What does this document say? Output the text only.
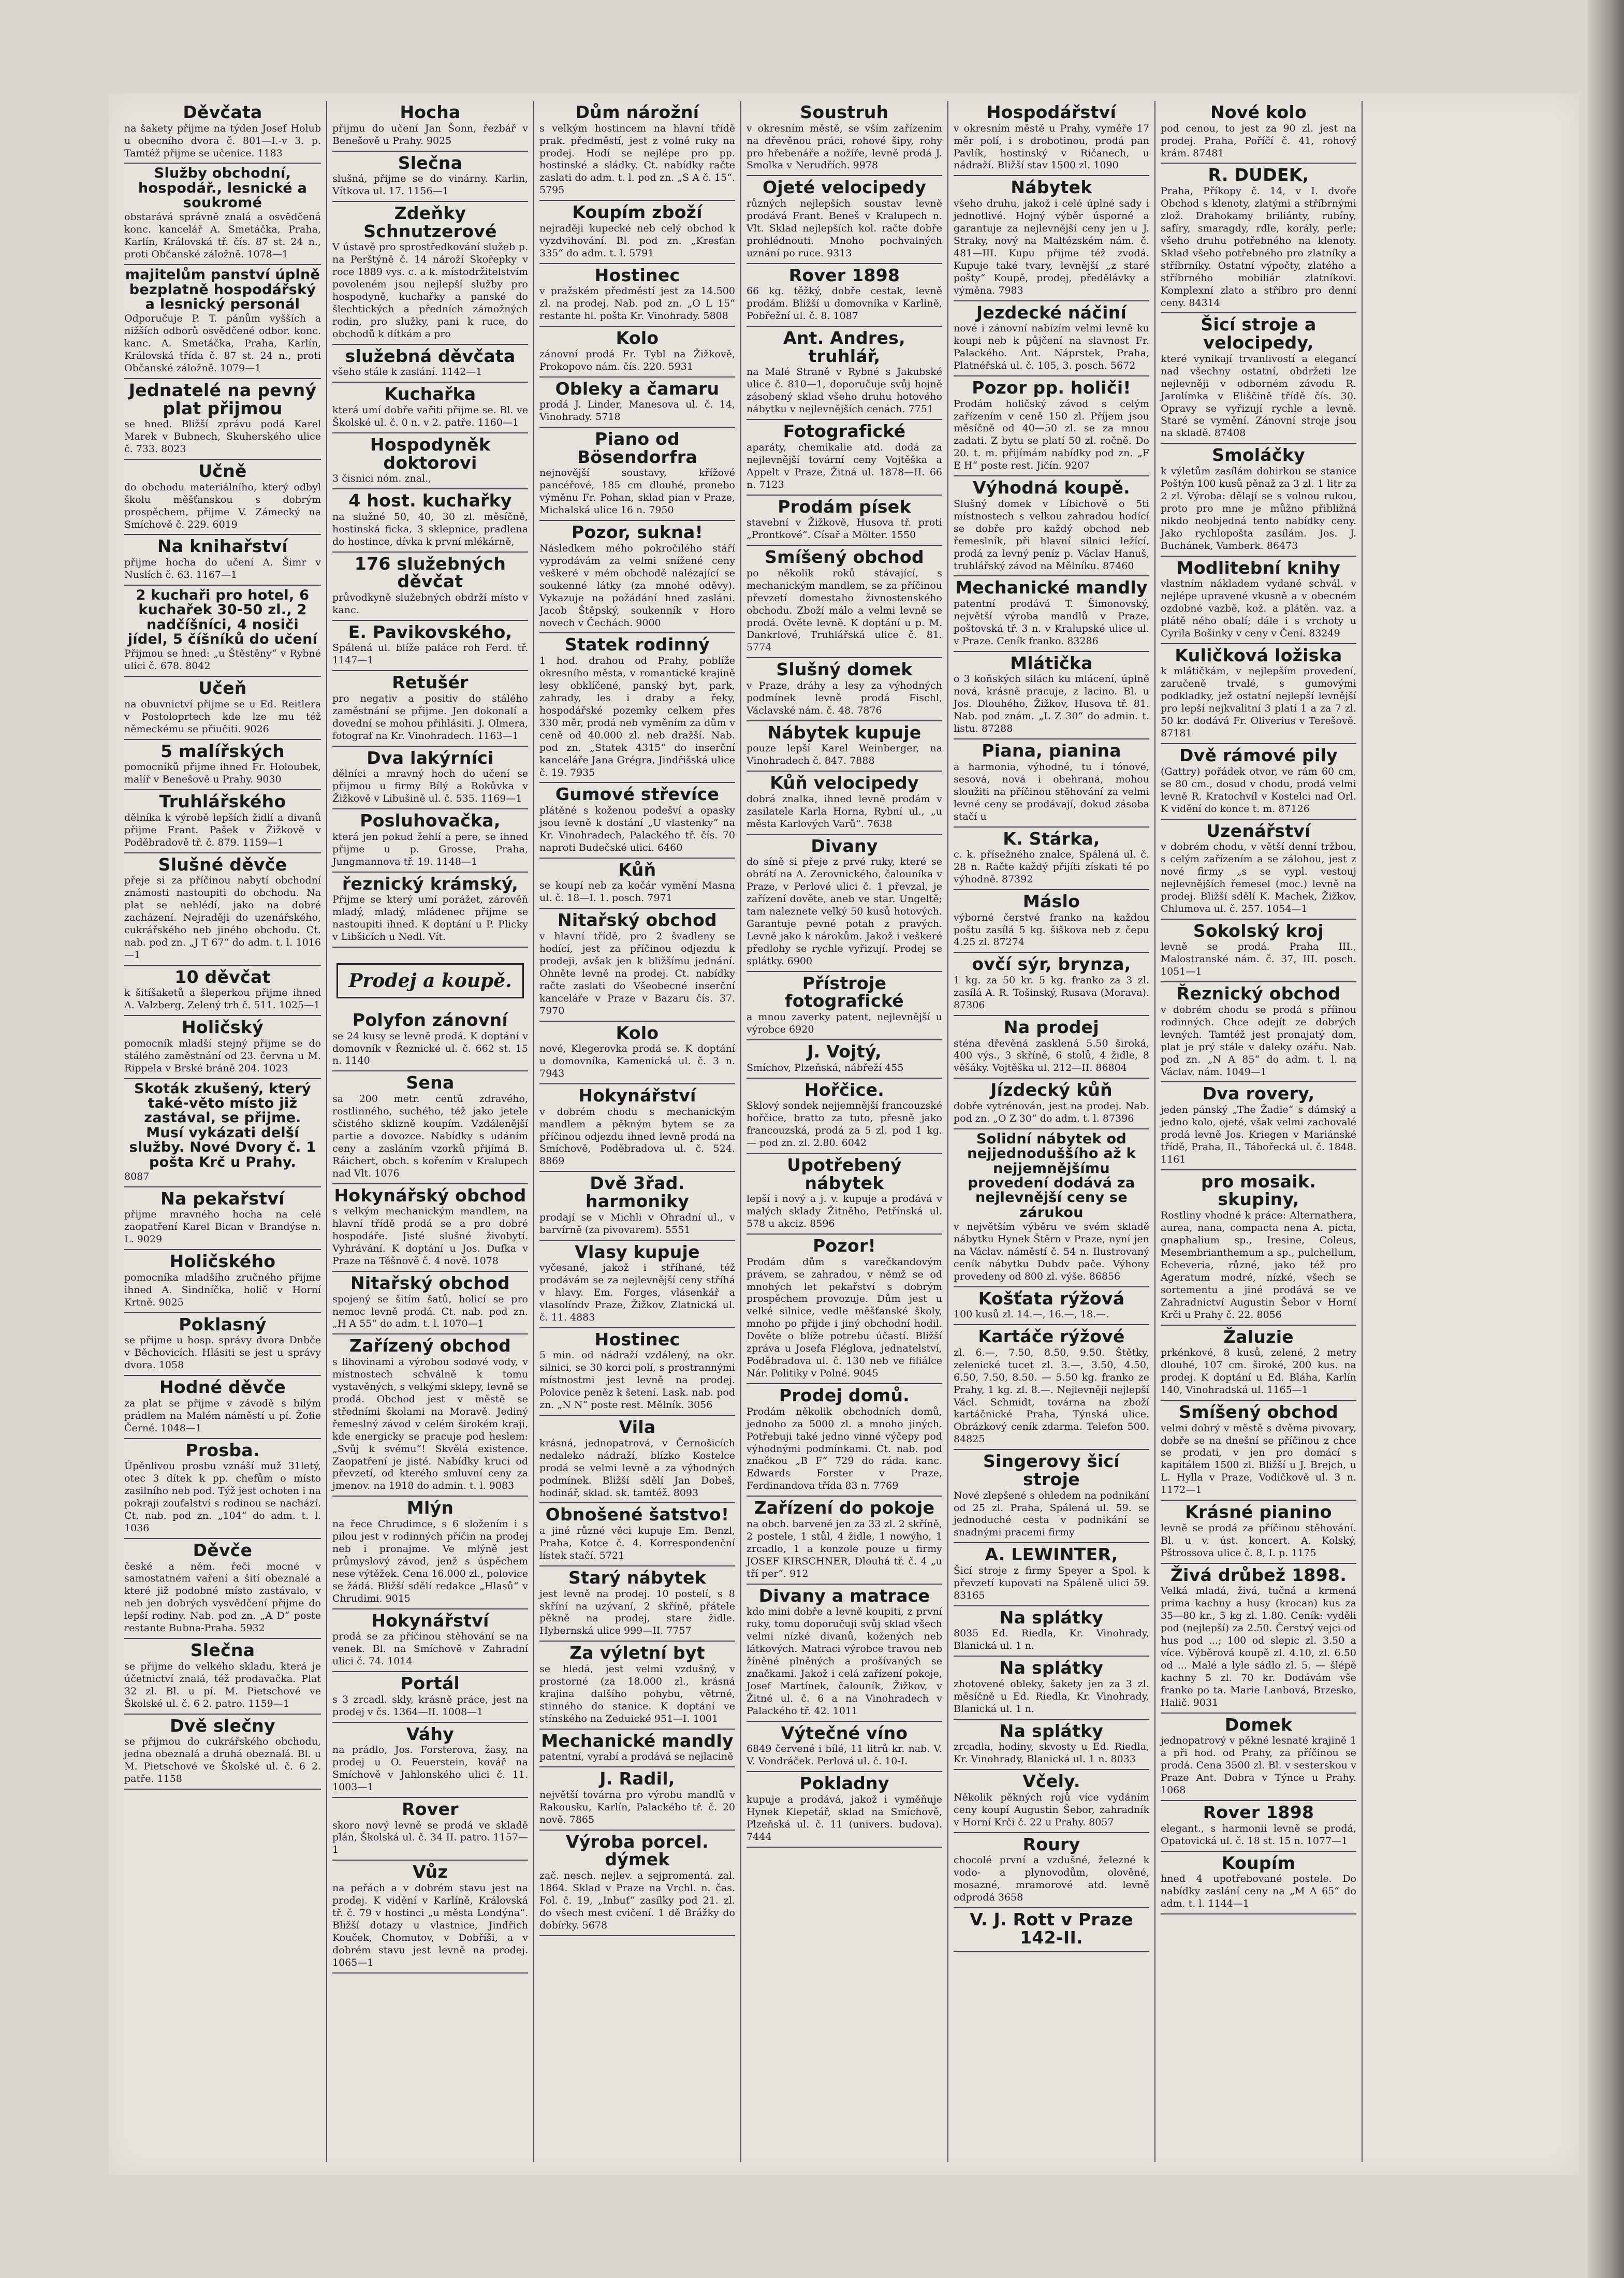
Děvčata
na šakety přijme na týden Josef Holub u obecního dvora č. 801—I.-v 3. p. Tamtéž přijme se učenice. 1183
Služby obchodní, hospodář., lesnické a soukromé
obstarává správně znalá a osvědčená konc. kancelář A. Smetáčka, Praha, Karlín, Královská tř. čís. 87 st. 24 n., proti Občanské záložně. 1078—1
majitelům panství úplně bezplatně hospodářský a lesnický personál
Odporučuje P. T. pánům vyšších a nižších odborů osvědčené odbor. konc. kanc. A. Smetáčka, Praha, Karlín, Královská třída č. 87 st. 24 n., proti Občanské záložně. 1079—1
Jednatelé na pevný plat přijmou
se hned. Bližší zprávu podá Karel Marek v Bubnech, Skuherského ulice č. 733. 8023
Učně
do obchodu materiálního, který odbyl školu měšťanskou s dobrým prospěchem, přijme V. Zámecký na Smíchově č. 229. 6019
Na knihařství
přijme hocha do učení A. Šimr v Nuslích č. 63. 1167—1
2 kuchaři pro hotel, 6 kuchařek 30-50 zl., 2 nadčíšníci, 4 nosiči jídel, 5 číšníků do učení
Přijmou se hned: „u Štěstěny“ v Rybné ulici č. 678. 8042
Učeň
na obuvnictví přijme se u Ed. Reitlera v Postoloprtech kde lze mu též německému se přiučiti. 9026
5 malířských
pomocníků přijme ihned Fr. Holoubek, malíř v Benešově u Prahy. 9030
Truhlářského
dělníka k výrobě lepších židlí a divanů přijme Frant. Pašek v Žižkově v Poděbradově tř. č. 879. 1159—1
Slušné děvče
přeje si za příčinou nabytí obchodní známosti nastoupiti do obchodu. Na plat se nehlédí, jako na dobré zacházení. Nejraději do uzenářského, cukrářského neb jiného obchodu. Ct. nab. pod zn. „J T 67“ do adm. t. l. 1016—1
10 děvčat
k šitíšaketů a šleperkou přijme ihned A. Valzberg, Zelený trh č. 511. 1025—1
Holičský
pomocník mladší stejný přijme se do stálého zaměstnání od 23. června u M. Rippela v Brské bráně 204. 1023
Skoták zkušený, který také-věto místo již zastával, se přijme. Musí vykázati delší služby. Nové Dvory č. 1 pošta Krč u Prahy.
8087
Na pekařství
přijme mravného hocha na celé zaopatření Karel Bican v Brandýse n. L. 9029
Holičského
pomocníka mladšího zručného přijme ihned A. Sindníčka, holič v Horní Krtně. 9025
Poklasný
se přijme u hosp. správy dvora Dnbče v Běchovicích. Hlásiti se jest u správy dvora. 1058
Hodné děvče
za plat se přijme v závodě s bílým prádlem na Malém náměstí u pí. Žofie Černé. 1048—1
Prosba.
Úpěnlivou prosbu vznáší muž 31letý, otec 3 dítek k pp. chefům o místo zasilního neb pod. Týž jest ochoten i na pokraji zoufalství s rodinou se nachází. Ct. nab. pod zn. „104“ do adm. t. l. 1036
Děvče
české a něm. řeči mocné v samostatném vaření a šití obeznalé a které již podobné místo zastávalo, v neb jen dobrých vysvědčení přijme do lepší rodiny. Nab. pod zn. „A D“ poste restante Bubna-Praha. 5932
Slečna
se přijme do velkého skladu, která je účetnictví znalá, též prodavačka. Plat 32 zl. Bl. u pí. M. Pietschové ve Školské ul. č. 6 2. patro. 1159—1
Dvě slečny
se přijmou do cukrářského obchodu, jedna obeznalá a druhá obeznalá. Bl. u M. Pietschové ve Školské ul. č. 6 2. patře. 1158
Hocha
přijmu do učení Jan Šonn, řezbář v Benešově u Prahy. 9025
Slečna
slušná, přijme se do vinárny. Karlin, Vítkova ul. 17. 1156—1
Zdeňky Schnutzerové
V ústavě pro sprostředkování služeb p. na Perštýně č. 14 nároží Skořepky v roce 1889 vys. c. a k. místodržitelstvím povoleném jsou nejlepší služby pro hospodyně, kuchařky a panské do šlechtických a předních zámožných rodin, pro služky, pani k ruce, do obchodů k dítkám a pro
služebná děvčata
všeho stále k zaslání. 1142—1
Kuchařka
která umí dobře vařiti přijme se. Bl. ve Školské ul. č. 0 n. v 2. patře. 1160—1
Hospodyněk doktorovi
3 čisnici nóm. znal.,
4 host. kuchařky
na služné 50, 40, 30 zl. měsíčně, hostinská ficka, 3 sklepnice, pradlena do hostince, dívka k první mlékárně,
176 služebných děvčat
průvodkyně služebných obdrží místo v kanc.
E. Pavikovského,
Spálená ul. blíže paláce roh Ferd. tř. 1147—1
Retušér
pro negativ a positiv do stálého zaměstnání se přijme. Jen dokonalí a dovední se mohou přihlásiti. J. Olmera, fotograf na Kr. Vinohradech. 1163—1
Dva lakýrníci
dělníci a mravný hoch do učení se přijmou u firmy Bílý a Rokůvka v Žižkově v Libušině ul. č. 535. 1169—1
Posluhovačka,
která jen pokud žehlí a pere, se ihned přijme u p. Grosse, Praha, Jungmannova tř. 19. 1148—1
řeznický krámský,
Přijme se který umí porážet, zárověň mladý, mladý, mládenec přijme se nastoupiti ihned. K doptání u P. Plicky v Libšicích u Nedl. Vít.
Prodej a koupě.
Polyfon zánovní
se 24 kusy se levně prodá. K doptání v domovník v Řeznické ul. č. 662 st. 15 n. 1140
Sena
sa 200 metr. centů zdravého, rostlinného, suchého, též jako jetele sčistého sklizně koupím. Vzdálenější partie a dovozce. Nabídky s udáním ceny a zasláním vzorků přijímá B. Ráichert, obch. s kořením v Kralupech nad Vlt. 1076
Hokynářský obchod
s velkým mechanickým mandlem, na hlavní třídě prodá se a pro dobré hospodáře. Jisté slušné živobytí. Vyhrávání. K doptání u Jos. Dufka v Praze na Těšnově č. 4 nově. 1078
Nitařský obchod
spojený se šitím šatů, holicí se pro nemoc levně prodá. Ct. nab. pod zn. „H A 55“ do adm. t. l. 1070—1
Zařízený obchod
s lihovinami a výrobou sodové vody, v místnostech schválně k tomu vystavěných, s velkými sklepy, levně se prodá. Obchod jest v městě se středními školami na Moravě. Jediný řemeslný závod v celém širokém kraji, kde energicky se pracuje pod heslem: „Svůj k svému“! Skvělá existence. Zaopatření je jisté. Nabídky kruci od převzetí, od kterého smluvní ceny za jmenov. na 1918 do admin. t. l. 9083
Mlýn
na řece Chrudimce, s 6 složením i s pilou jest v rodinných příčin na prodej neb i pronajme. Ve mlýně jest průmyslový závod, jenž s úspěchem nese výtěžek. Cena 16.000 zl., polovice se žádá. Bližší sdělí redakce „Hlasů“ v Chrudimi. 9015
Hokynářství
prodá se za příčinou stěhování se na venek. Bl. na Smíchově v Zahradní ulici č. 74. 1014
Portál
s 3 zrcadl. skly, krásně práce, jest na prodej v čs. 1364—II. 1008—1
Váhy
na prádlo, Jos. Forsterova, žasy, na prodej u O. Feuerstein, kovář na Smíchově v Jahlonského ulici č. 11. 1003—1
Rover
skoro nový levně se prodá ve skladě plán, Školská ul. č. 34 II. patro. 1157—1
Vůz
na peřách a v dobrém stavu jest na prodej. K vidění v Karlíně, Královská tř. č. 79 v hostinci „u města Londýna“. Bližší dotazy u vlastnice, Jindřich Kouček, Chomutov, v Dobříši, a v dobrém stavu jest levně na prodej. 1065—1
Dům nárožní
s velkým hostincem na hlavní třídě prak. předměstí, jest z volné ruky na prodej. Hodí se nejlépe pro pp. hostinské a sládky. Ct. nabídky račte zaslati do adm. t. l. pod zn. „S A č. 15“. 5795
Koupím zboží
nejraději kupecké neb celý obchod k vyzdvihování. Bl. pod zn. „Kresťan 335“ do adm. t. l. 5791
Hostinec
v pražském předměstí jest za 14.500 zl. na prodej. Nab. pod zn. „O L 15“ restante hl. pošta Kr. Vinohrady. 5808
Kolo
zánovní prodá Fr. Tybl na Žižkově, Prokopovo nám. čís. 220. 5931
Obleky a čamaru
prodá J. Linder, Manesova ul. č. 14, Vinohrady. 5718
Piano od Bösendorfra
nejnovější soustavy, křížové pancéřové, 185 cm dlouhé, pronebo výměnu Fr. Pohan, sklad pian v Praze, Michalská ulice 16 n. 7950
Pozor, sukna!
Následkem mého pokročilého stáří vyprodávám za velmi snížené ceny veškeré v mém obchodě nalézající se soukenné látky (za mnohé oděvy). Vykazuje na požádání hned zasláni. Jacob Štěpský, soukenník v Horo novech v Čechách. 9000
Statek rodinný
1 hod. drahou od Prahy, poblíže okresního města, v romantické krajině lesy obklíčené, panský byt, park, zahrady, les i draby a řeky, hospodářské pozemky celkem přes 330 měr, prodá neb vyměním za dům v ceně od 40.000 zl. neb dražší. Nab. pod zn. „Statek 4315“ do inserční kanceláře Jana Grégra, Jindřišská ulice č. 19. 7935
Gumové střevíce
plátěné s koženou podešví a opasky jsou levně k dostání „U vlastenky“ na Kr. Vinohradech, Palackého tř. čís. 70 naproti Budečské ulici. 6460
Kůň
se koupí neb za kočár vymění Masna ul. č. 18—I. 1. posch. 7971
Nitařský obchod
v hlavní třídě, pro 2 švadleny se hodící, jest za příčinou odjezdu k prodeji, avšak jen k bližšímu jednání. Ohněte levně na prodej. Ct. nabídky račte zaslati do Všeobecné inserční kanceláře v Praze v Bazaru čís. 37. 7970
Kolo
nové, Klegerovka prodá se. K doptání u domovníka, Kamenická ul. č. 3 n. 7943
Hokynářství
v dobrém chodu s mechanickým mandlem a pěkným bytem se za příčinou odjezdu ihned levně prodá na Smíchově, Poděbradova ul. č. 524. 8869
Dvě 3řad. harmoniky
prodají se v Michli v Ohradní ul., v barvírně (za pivovarem). 5551
Vlasy kupuje
vyčesané, jakož i stříhané, též prodávám se za nejlevnější ceny stříhá v hlavy. Em. Forges, vlásenkář a vlasolíndv Praze, Žižkov, Zlatnická ul. č. 11. 4883
Hostinec
5 min. od nádraží vzdálený, na okr. silnici, se 30 korci polí, s prostrannými místnostmi jest levně na prodej. Polovice peněz k šetení. Lask. nab. pod zn. „N N“ poste rest. Mělník. 3056
Vila
krásná, jednopatrová, v Černošicích nedaleko nádraží, blízko Kostelce prodá se velmi levně a za výhodných podmínek. Bližší sdělí Jan Dobeš, hodinář, sklad. sk. tamtéž. 8093
Obnošené šatstvo!
a jiné různé věci kupuje Em. Benzl, Praha, Kotce č. 4. Korrespondenční lístek stačí. 5721
Starý nábytek
jest levně na prodej. 10 postelí, s 8 skříní na uzývaní, 2 skříně, přátele pěkně na prodej, stare židle. Hybernská ulice 999—II. 7757
Za výletní byt
se hledá, jest velmi vzdušný, v prostorné (za 18.000 zl., krásná krajina dalšího pohybu, větrné, stinného do stanice. K doptání ve stínského na Zeduické 951—I. 1001
Mechanické mandly
patentní, vyrabí a prodává se nejlacině
J. Radil,
největší továrna pro výrobu mandlů v Rakousku, Karlín, Palackého tř. č. 20 nově. 7865
Výroba porcel. dýmek
zač. nesch. nejlev. a sejpromentá. zal. 1864. Sklad v Praze na Vrchl. n. čas. Fol. č. 19, „Inbuť“ zasílky pod 21. zl. do všech mest cvičení. 1 dě Brážky do dobírky. 5678
Soustruh
v okresním městě, se vším zařízením na dřevěnou práci, rohové šipy, rohy pro hřebenáře a nožíře, levně prodá J. Smolka v Nerudřích. 9978
Ojeté velocipedy
různých nejlepších soustav levně prodává Frant. Beneš v Kralupech n. Vlt. Sklad nejlepších kol. račte dobře prohlédnouti. Mnoho pochvalných uznání po ruce. 9313
Rover 1898
66 kg. těžký, dobře cestak, levně prodám. Bližší u domovníka v Karlině, Pobřežní ul. č. 8. 1087
Ant. Andres, truhlář,
na Malé Straně v Rybné s Jakubské ulice č. 810—1, doporučuje svůj hojně zásobený sklad všeho druhu hotového nábytku v nejlevnějších cenách. 7751
Fotografické
aparáty, chemikalie atd. dodá za nejlevnější tovární ceny Vojtěška a Appelt v Praze, Žitná ul. 1878—II. 66 n. 7123
Prodám písek
stavební v Žižkově, Husova tř. proti „Prontkové“. Císař a Mölter. 1550
Smíšený obchod
po několik roků stávající, s mechanickým mandlem, se za příčinou převzetí domestaho živnostenského obchodu. Zboží málo a velmi levně se prodá. Ověte levně. K doptání u p. M. Dankrlové, Truhlářská ulice č. 81. 5774
Slušný domek
v Praze, dráhy a lesy za výhodných podmínek levně prodá Fischl, Václavské nám. č. 48. 7876
Nábytek kupuje
pouze lepší Karel Weinberger, na Vinohradech č. 847. 7888
Kůň velocipedy
dobrá znalka, ihned levně prodám v zasilatele Karla Horna, Rybní ul., „u města Karlových Varů“. 7638
Divany
do síně si přeje z prvé ruky, které se obrátí na A. Zerovnického, čalouníka v Praze, v Perlové ulici č. 1 převzal, je zařízení dověte, aneb ve star. Ungeltě; tam naleznete velký 50 kusů hotových. Garantuje pevné potah z pravých. Levně jako k nárokům. Jakož i veškeré předlohy se rychle vyřizují. Prodej se splátky. 6900
Přístroje fotografické
a mnou zaverky patent, nejlevnější u výrobce 6920
J. Vojtý,
Smíchov, Plzeňská, nábřeží 455
Hořčice.
Sklový sondek nejjemnější francouzské hořčice, bratto za tuto, přesně jako francouzská, prodá za 5 zl. pod 1 kg. — pod zn. zl. 2.80. 6042
Upotřebený nábytek
lepší i nový a j. v. kupuje a prodává v malých sklady Žitněho, Petřínská ul. 578 u akciz. 8596
Pozor!
Prodám dům s varečkandovým právem, se zahradou, v němž se od mnohých let pekařství s dobrým prospěchem provozuje. Dům jest u velké silnice, vedle měšťanské školy, mnoho po přijde i jiný obchodní hodil. Dověte o blíže potrebu účastí. Bližší zpráva u Josefa Fléglova, jednatelství, Poděbradova ul. č. 130 neb ve filiálce Nár. Politiky v Polné. 9045
Prodej domů.
Prodám několik obchodních domů, jednoho za 5000 zl. a mnoho jiných. Potřebuji také jedno vinné výčepy pod výhodnými podmínkami. Ct. nab. pod značkou „B F“ 729 do ráda. kanc. Edwards Forster v Praze, Ferdinandova třída 83 n. 7769
Zařízení do pokoje
na obch. barvené jen za 33 zl. 2 skříně, 2 postele, 1 stůl, 4 židle, 1 nowýho, 1 zrcadlo, 1 a konzole pouze u firmy JOSEF KIRSCHNER, Dlouhá tř. č. 4 „u tří per“. 912
Divany a matrace
kdo mini dobře a levně koupiti, z první ruky, tomu doporučuji svůj sklad všech velmi nízké divanů, kožených neb látkových. Matraci výrobce travou neb žíněné plněných a prošívaných se značkami. Jakož i celá zařízení pokoje, Josef Martínek, čalouník, Žižkov, v Žitné ul. č. 6 a na Vinohradech v Palackého tř. 42. 1011
Výtečné víno
6849 červené i bílé, 11 litrů kr. nab. V. V. Vondráček. Perlová ul. č. 10-I.
Pokladny
kupuje a prodává, jakož i vyměňuje Hynek Klepetář, sklad na Smíchově, Plzeňská ul. č. 11 (univers. budova). 7444
Hospodářství
v okresním městě u Prahy, vyměře 17 měr polí, i s drobotinou, prodá pan Pavlík, hostinský v Ričanech, u nádraží. Bližší stav 1500 zl. 1090
Nábytek
všeho druhu, jakož i celé úplné sady i jednotlivé. Hojný výběr úsporné a garantuje za nejlevnější ceny jen u J. Straky, nový na Maltézském nám. č. 481—III. Kupu přijme též zvodá. Kupuje také tvary, levnější „z staré pošty“ Koupě, prodej, předělávky a výměna. 7983
Jezdecké náčiní
nové i zánovní nabízím velmi levně ku koupi neb k půjčení na slavnost Fr. Palackého. Ant. Náprstek, Praha, Platnéřská ul. č. 105, 3. posch. 5672
Pozor pp. holiči!
Prodám holičský závod s celým zařízením v ceně 150 zl. Příjem jsou měsíčně od 40—50 zl. se za mnou zadati. Z bytu se platí 50 zl. ročně. Do 20. t. m. přijímám nabídky pod zn. „F E H“ poste rest. Jičín. 9207
Výhodná koupě.
Slušný domek v Líbichově o 5ti místnostech s velkou zahradou hodící se dobře pro každý obchod neb řemeslník, při hlavní silnici ležící, prodá za levný peníz p. Václav Hanuš, truhlářský závod na Mělníku. 87460
Mechanické mandly
patentní prodává T. Šimonovský, největší výroba mandlů v Praze, poštovská tř. 3 n. v Kralupské ulice ul. v Praze. Ceník franko. 83286
Mlátička
o 3 koňských silách ku mlácení, úplně nová, krásně pracuje, z lacino. Bl. u Jos. Dlouhého, Žižkov, Husova tř. 81. Nab. pod znám. „L Z 30“ do admin. t. listu. 87288
Piana, pianina
a harmonia, výhodné, tu i tónové, sesová, nová i obehraná, mohou sloužiti na příčinou stěhování za velmi levné ceny se prodávají, dokud zásoba stačí u
K. Stárka,
c. k. přísežného znalce, Spálená ul. č. 28 n. Račte každý přijíti získati té po výhodně. 87392
Máslo
výborné čerstvé franko na každou poštu zasílá 5 kg. šiškova neb z čepu 4.25 zl. 87274
ovčí sýr, brynza,
1 kg. za 50 kr. 5 kg. franko za 3 zl. zasílá A. R. Tošinský, Rusava (Morava). 87306
Na prodej
sténa dřevěná zasklená 5.50 široká, 400 výs., 3 skříně, 6 stolů, 4 židle, 8 věšáky. Vojtěška ul. 212—II. 86804
Jízdecký kůň
dobře vytrénován, jest na prodej. Nab. pod zn. „O Z 30“ do adm. t. l. 87396
Solidní nábytek od nejjednoduššího až k nejjemnějšímu provedení dodává za nejlevnější ceny se zárukou
v největším výběru ve svém skladě nábytku Hynek Štěrn v Praze, nyní jen na Václav. náměstí č. 54 n. Ilustrovaný ceník nábytku Dubdv pače. Výhony provedeny od 800 zl. výše. 86856
Košťata rýžová
100 kusů zl. 14.—, 16.—, 18.—.
Kartáče rýžové
zl. 6.—, 7.50, 8.50, 9.50. Štětky, zelenické tucet zl. 3.—, 3.50, 4.50, 6.50, 7.50, 8.50. — 5.50 kg. franko ze Prahy, 1 kg. zl. 8.—. Nejlevněji nejlepší Václ. Schmidt, továrna na zboží kartáčnické Praha, Týnská ulice. Obrázkový ceník zdarma. Telefon 500. 84825
Singerovy šicí stroje
Nové zlepšené s ohledem na podnikání od 25 zl. Praha, Spálená ul. 59. se jednoduché cesta v podnikání se snadnými pracemi firmy
A. LEWINTER,
Šicí stroje z firmy Speyer a Spol. k převzetí kupovati na Spáleně ulici 59. 83165
Na splátky
8035 Ed. Riedla, Kr. Vinohrady, Blanická ul. 1 n.
Na splátky
zhotovené obleky, šakety jen za 3 zl. měsíčně u Ed. Riedla, Kr. Vinohrady, Blanická ul. 1 n.
Na splátky
zrcadla, hodiny, skvosty u Ed. Riedla, Kr. Vinohrady, Blanická ul. 1 n. 8033
Včely.
Několik pěkných rojů více vydáním ceny koupí Augustin Šebor, zahradník v Horní Krči č. 22 u Prahy. 8057
Roury
chocolé první a vzdušné, železné k vodo- a plynovodům, olověné, mosazné, mramorové atd. levně odprodá 3658
V. J. Rott v Praze 142-II.
Nové kolo
pod cenou, to jest za 90 zl. jest na prodej. Praha, Poříčí č. 41, rohový krám. 87481
R. DUDEK,
Praha, Příkopy č. 14, v I. dvoře Obchod s klenoty, zlatými a stříbrnými zlož. Drahokamy briliánty, rubíny, safíry, smaragdy, rdle, korály, perle; všeho druhu potřebného na klenoty. Sklad všeho potřebného pro zlatníky a stříbrníky. Ostatní výpočty, zlatého a stříbrného mobiliár zlatníkovi. Komplexní zlato a stříbro pro denní ceny. 84314
Šicí stroje a velocipedy,
které vynikají trvanlivostí a elegancí nad všechny ostatní, obdržeti lze nejlevněji v odborném závodu R. Jarolímka v Eliščině třídě čís. 30. Opravy se vyřizují rychle a levně. Staré se vymění. Zánovní stroje jsou na skladě. 87408
Smoláčky
k výletům zasílám dohirkou se stanice Poštýn 100 kusů pěnaž za 3 zl. 1 litr za 2 zl. Výroba: dělají se s volnou rukou, proto pro mne je můžno přibližná nikdo neobjedná tento nabídky ceny. Jako rychlopošta zasílám. Jos. J. Buchánek, Vamberk. 86473
Modlitební knihy
vlastním nákladem vydané schvál. v nejlépe upravené vkusně a v obecném ozdobné vazbě, kož. a plátěn. vaz. a plátě ného obalí; dále i s vrchoty u Cyrila Bošinky v ceny v Čení. 83249
Kuličková ložiska
k mlátičkám, v nejlepším provedení, zaručeně trvalé, s gumovými podkladky, jež ostatní nejlepší levnější pro lepší nejkvalitní 3 platí 1 a za 7 zl. 50 kr. dodává Fr. Oliverius v Terešově. 87181
Dvě rámové pily
(Gattry) pořádek otvor, ve rám 60 cm, se 80 cm., dosud v chodu, prodá velmi levně R. Kratochvíl v Kostelci nad Orl. K vidění do konce t. m. 87126
Uzenářství
v dobrém chodu, v větší denní tržbou, s celým zařízením a se zálohou, jest z nové firmy „s se vypl. vestouj nejlevnějších řemesel (moc.) levně na prodej. Bližší sdělí K. Machek, Žižkov, Chlumova ul. č. 257. 1054—1
Sokolský kroj
levně se prodá. Praha III., Malostranské nám. č. 37, III. posch. 1051—1
Řeznický obchod
v dobrém chodu se prodá s příinou rodinných. Chce odejít ze dobrých levných. Tamtéž jest pronajatý dom, plat je prý stále v daleky ozářu. Nab. pod zn. „N A 85“ do adm. t. l. na Václav. nám. 1049—1
Dva rovery,
jeden pánský „The Žadie“ s dámský a jedno kolo, ojeté, však velmi zachovalé prodá levně Jos. Kriegen v Mariánské třídě, Praha, II., Tábořecká ul. č. 1848. 1161
pro mosaik. skupiny,
Rostliny vhodné k práce: Alternathera, aurea, nana, compacta nena A. picta, gnaphalium sp., Iresine, Coleus, Mesembrianthemum a sp., pulchellum, Echeveria, různé, jako též pro Ageratum modré, nízké, všech se sortementu a jiné prodává se ve Zahradnictví Augustin Šebor v Horní Krči u Prahy č. 22. 8056
Žaluzie
prkénkové, 8 kusů, zelené, 2 metry dlouhé, 107 cm. široké, 200 kus. na prodej. K doptání u Ed. Bláha, Karlín 140, Vinohradská ul. 1165—1
Smíšený obchod
velmi dobrý v městě s dvěma pivovary, dobře se na dnešní se příčinou z chce se prodati, v jen pro domácí s kapitálem 1500 zl. Bližší u J. Brejch, u L. Hylla v Praze, Vodičkově ul. 3 n. 1172—1
Krásné pianino
levně se prodá za příčinou stěhování. Bl. u v. úst. koncert. A. Kolský, Pštrossova ulice č. 8, I. p. 1175
Živá drůbež 1898.
Velká mladá, živá, tučná a krmená prima kachny a husy (krocan) kus za 35—80 kr., 5 kg zl. 1.80. Ceník: vyděli pod (nejlepší) za 2.50. Čerstvý vejci od hus pod ...; 100 od slepic zl. 3.50 a více. Výběrová koupě zl. 4.10, zl. 6.50 od ... Malé a lyle sádlo zl. 5. — šlépě kachny 5 zl. 70 kr. Dodávám vše franko po ta. Marie Lanbová, Brzesko, Halič. 9031
Domek
jednopatrový v pěkné lesnaté krajině 1 a při hod. od Prahy, za příčinou se prodá. Cena 3500 zl. Bl. v sesterskou v Praze Ant. Dobra v Týnce u Prahy. 1068
Rover 1898
elegant., s harmonii levně se prodá, Opatovická ul. č. 18 st. 15 n. 1077—1
Koupím
hned 4 upotřebované postele. Do nabídky zaslání ceny na „M A 65“ do adm. t. l. 1144—1
